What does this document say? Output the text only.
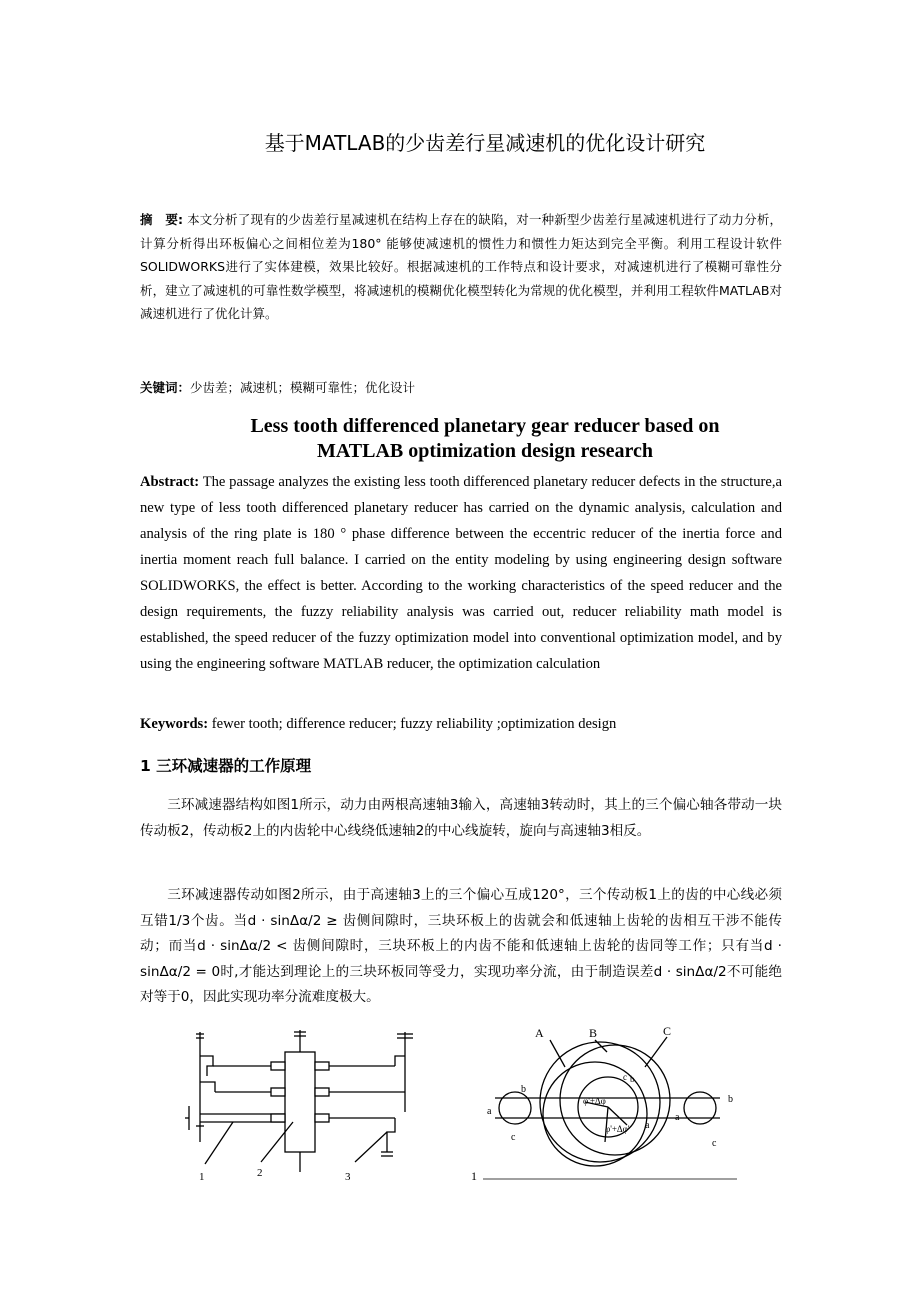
基于MATLAB的少齿差行星减速机的优化设计研究
摘　要: 本文分析了现有的少齿差行星减速机在结构上存在的缺陷，对一种新型少齿差行星减速机进行了动力分析，计算分析得出环板偏心之间相位差为180° 能够使减速机的惯性力和惯性力矩达到完全平衡。利用工程设计软件SOLIDWORKS进行了实体建模，效果比较好。根据减速机的工作特点和设计要求，对减速机进行了模糊可靠性分析，建立了减速机的可靠性数学模型，将减速机的模糊优化模型转化为常规的优化模型，并利用工程软件MATLAB对减速机进行了优化计算。
关键词：少齿差；减速机；模糊可靠性；优化设计
Less tooth differenced planetary gear reducer based on
MATLAB optimization design research
Abstract: The passage analyzes the existing less tooth differenced planetary reducer defects in the structure,a new type of less tooth differenced planetary reducer has carried on the dynamic analysis, calculation and analysis of the ring plate is 180 ° phase difference between the eccentric reducer of the inertia force and inertia moment reach full balance. I carried on the entity modeling by using engineering design software SOLIDWORKS, the effect is better. According to the working characteristics of the speed reducer and the design requirements, the fuzzy reliability analysis was carried out, reducer reliability math model is established, the speed reducer of the fuzzy optimization model into conventional optimization model, and by using the engineering software MATLAB reducer, the optimization calculation
Keywords: fewer tooth; difference reducer; fuzzy reliability ;optimization design
1 三环减速器的工作原理
三环减速器结构如图1所示，动力由两根高速轴3输入，高速轴3转动时，其上的三个偏心轴各带动一块传动板2，传动板2上的内齿轮中心线绕低速轴2的中心线旋转，旋向与高速轴3相反。
三环减速器传动如图2所示，由于高速轴3上的三个偏心互成120°，三个传动板1上的齿的中心线必须互错1/3个齿。当d · sinΔα/2 ≥ 齿侧间隙时，三块环板上的齿就会和低速轴上齿轮的齿相互干涉不能传动；而当d · sinΔα/2 < 齿侧间隙时，三块环板上的内齿不能和低速轴上齿轮的齿同等工作；只有当d · sinΔα/2 = 0时,才能达到理论上的三块环板同等受力，实现功率分流，由于制造误差d · sinΔα/2不可能绝对等于0，因此实现功率分流难度极大。
1	2	3
A	B	C
a
b
c
a
b
c
a
b
c
φ'+Δφ
φ'+Δφ'
1
